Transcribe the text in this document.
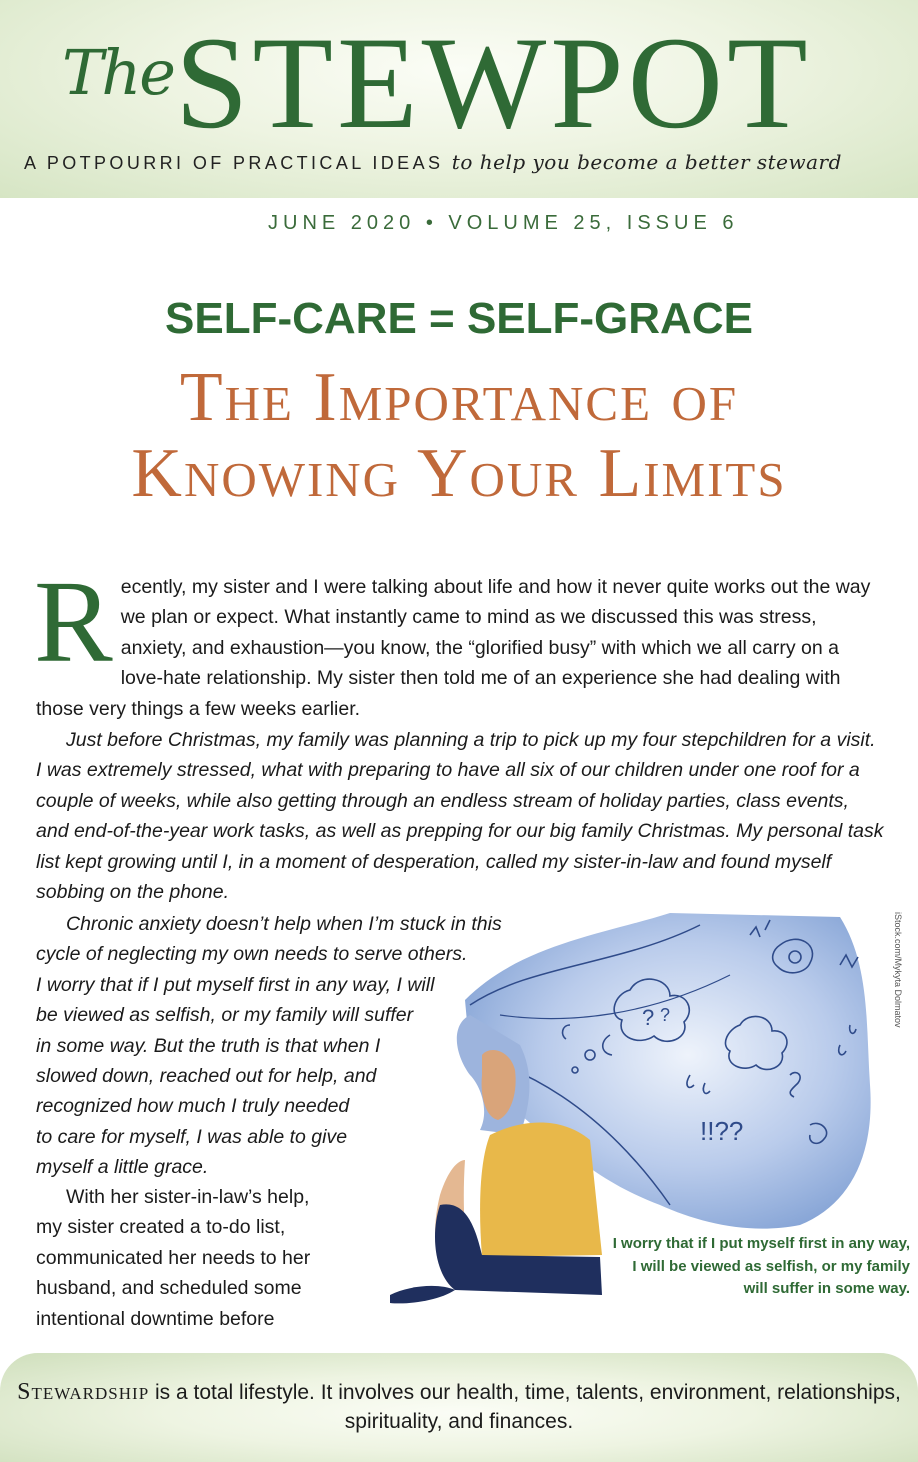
The STEWPOT
A POTPOURRI OF PRACTICAL IDEAS to help you become a better steward
JUNE 2020 • VOLUME 25, ISSUE 6
SELF-CARE = SELF-GRACE
The Importance of
Knowing Your Limits
R ecently, my sister and I were talking about life and how it never quite works out the way we plan or expect. What instantly came to mind as we discussed this was stress, anxiety, and exhaustion—you know, the “glorified busy” with which we all carry on a love-hate relationship. My sister then told me of an experience she had dealing with those very things a few weeks earlier.
Just before Christmas, my family was planning a trip to pick up my four stepchildren for a visit. I was extremely stressed, what with preparing to have all six of our children under one roof for a couple of weeks, while also getting through an endless stream of holiday parties, class events, and end-of-the-year work tasks, as well as prepping for our big family Christmas. My personal task list kept growing until I, in a moment of desperation, called my sister-in-law and found myself sobbing on the phone.
Chronic anxiety doesn’t help when I’m stuck in this
cycle of neglecting my own needs to serve others.
I worry that if I put myself first in any way, I will
be viewed as selfish, or my family will suffer
in some way. But the truth is that when I
slowed down, reached out for help, and
recognized how much I truly needed
to care for myself, I was able to give
myself a little grace.
With her sister-in-law’s help,
my sister created a to-do list,
communicated her needs to her
husband, and scheduled some
intentional downtime before
? ?
!!??
iStock.com/Mykyta Dolmatov
I worry that if I put myself first in any way, I will be viewed as selfish, or my family will suffer in some way.
Stewardship is a total lifestyle. It involves our health, time, talents, environment, relationships, spirituality, and finances.
